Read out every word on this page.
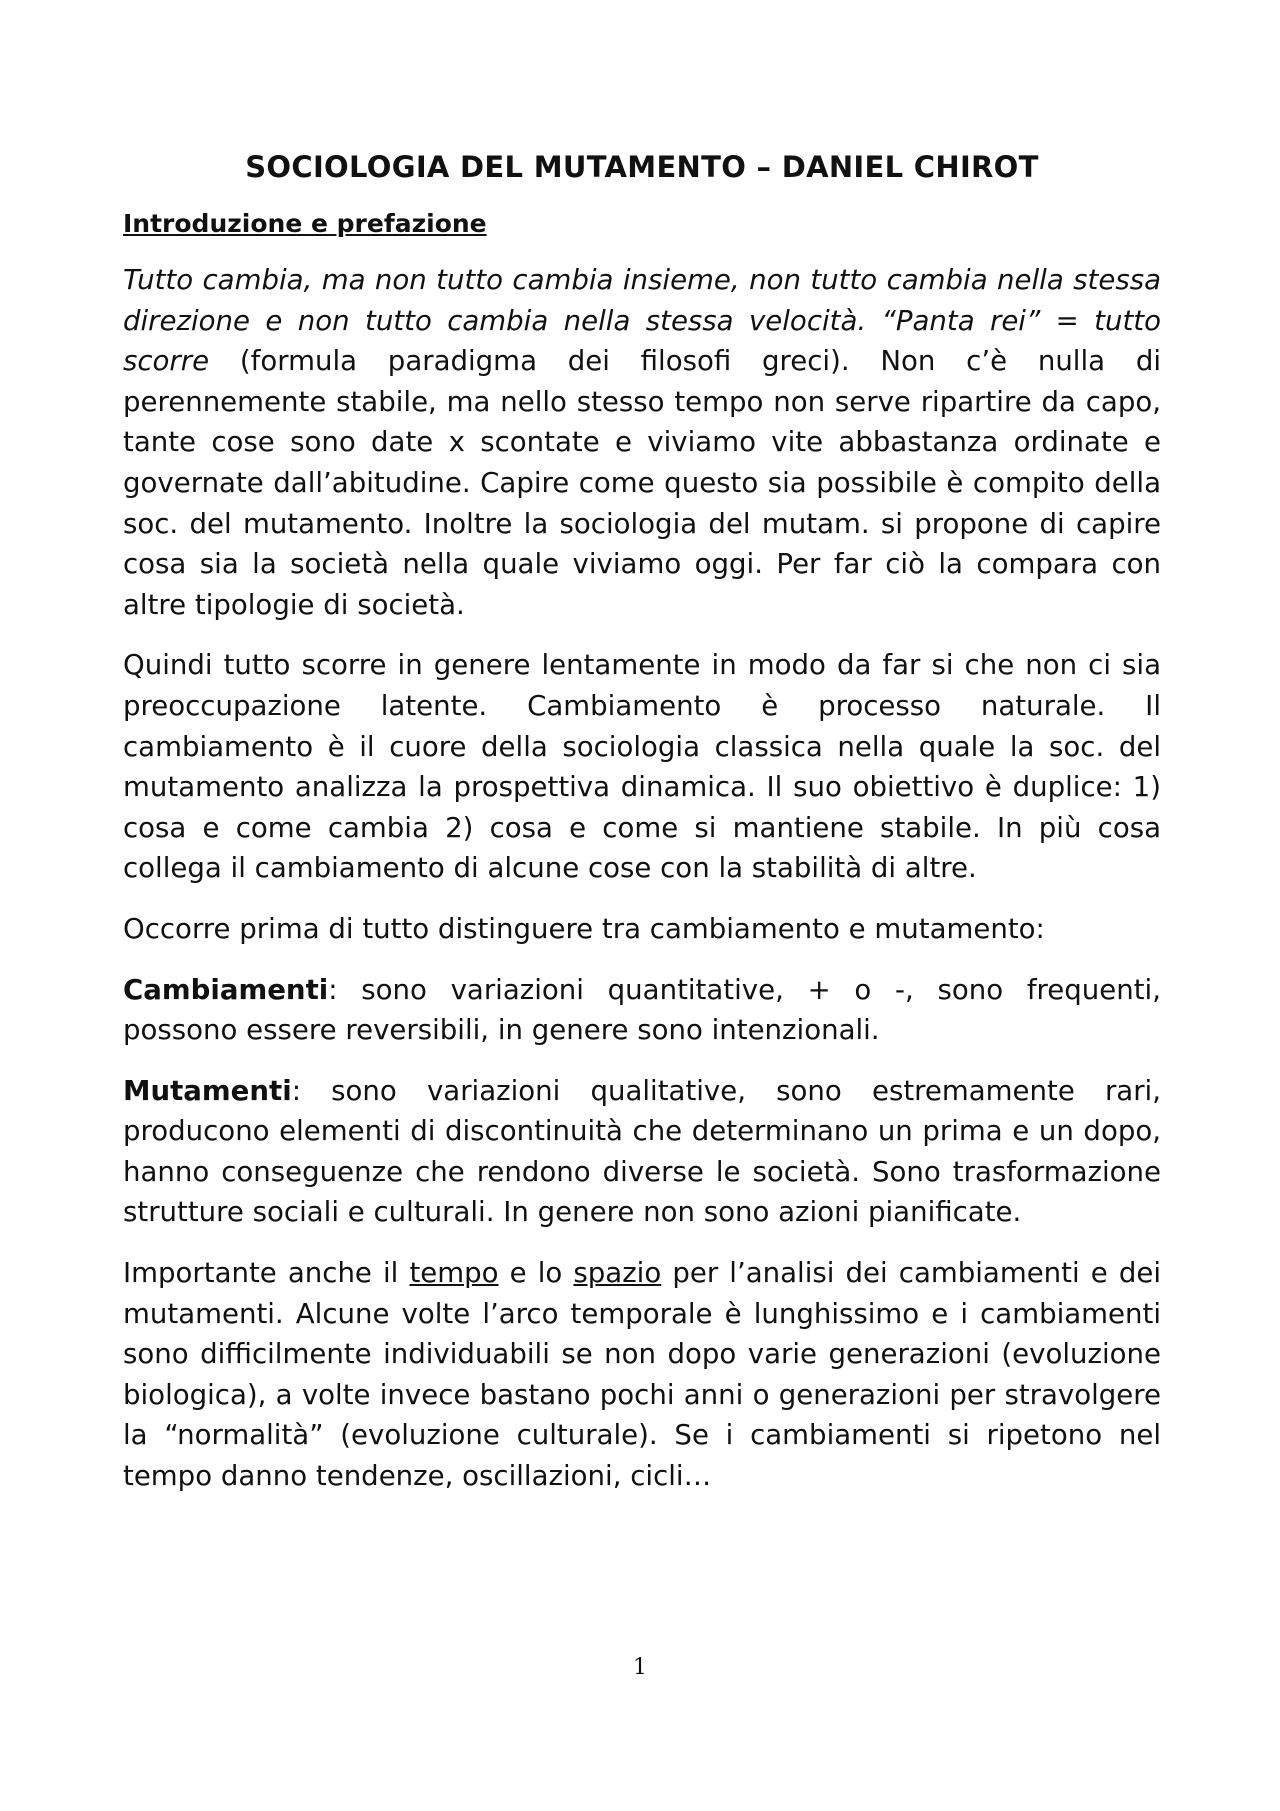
SOCIOLOGIA DEL MUTAMENTO – DANIEL CHIROT
Introduzione e prefazione

Tutto cambia, ma non tutto cambia insieme, non tutto cambia nella stessa direzione e non tutto cambia nella stessa velocità. “Panta rei” = tutto scorre (formula paradigma dei filosofi greci). Non c’è nulla di perennemente stabile, ma nello stesso tempo non serve ripartire da capo, tante cose sono date x scontate e viviamo vite abbastanza ordinate e governate dall’abitudine. Capire come questo sia possibile è compito della soc. del mutamento. Inoltre la sociologia del mutam. si propone di capire cosa sia la società nella quale viviamo oggi. Per far ciò la compara con altre tipologie di società.

Quindi tutto scorre in genere lentamente in modo da far si che non ci sia preoccupazione latente. Cambiamento è processo naturale. Il cambiamento è il cuore della sociologia classica nella quale la soc. del mutamento analizza la prospettiva dinamica. Il suo obiettivo è duplice: 1) cosa e come cambia 2) cosa e come si mantiene stabile. In più cosa collega il cambiamento di alcune cose con la stabilità di altre.

Occorre prima di tutto distinguere tra cambiamento e mutamento:

Cambiamenti: sono variazioni quantitative, + o -, sono frequenti, possono essere reversibili, in genere sono intenzionali.

Mutamenti: sono variazioni qualitative, sono estremamente rari, producono elementi di discontinuità che determinano un prima e un dopo, hanno conseguenze che rendono diverse le società. Sono trasformazione strutture sociali e culturali. In genere non sono azioni pianificate.

Importante anche il tempo e lo spazio per l’analisi dei cambiamenti e dei mutamenti. Alcune volte l’arco temporale è lunghissimo e i cambiamenti sono difficilmente individuabili se non dopo varie generazioni (evoluzione biologica), a volte invece bastano pochi anni o generazioni per stravolgere la “normalità” (evoluzione culturale). Se i cambiamenti si ripetono nel tempo danno tendenze, oscillazioni, cicli…

1
